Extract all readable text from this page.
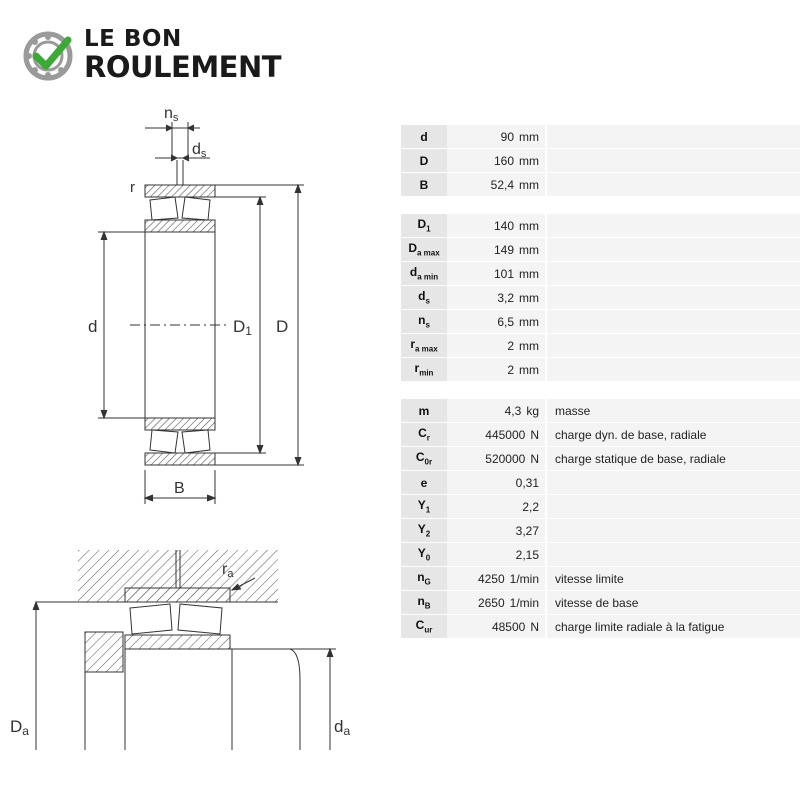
LE BON
ROULEMENT

ns
ds
r
d	D1 D
B
ra
Da	da
d	90 mm	
D	160 mm	
B	52,4 mm	

$D_1$	140 mm	
$D_{a max}$	149 mm	
$d_{a min}$	101 mm	
$d_s$	3,2 mm	
$n_s$	6,5 mm	
$r_{a max}$	2 mm	
$r_{min}$	2 mm	

m	4,3 kg	masse
$C_r$	445000 N	charge dyn. de base, radiale
$C_{0r}$	520000 N	charge statique de base, radiale
e	0,31	
$Y_1$	2,2	
$Y_2$	3,27	
$Y_0$	2,15	
$n_G$	4250 1/min	vitesse limite
$n_B$	2650 1/min	vitesse de base
$C_{ur}$	48500 N	charge limite radiale à la fatigue
